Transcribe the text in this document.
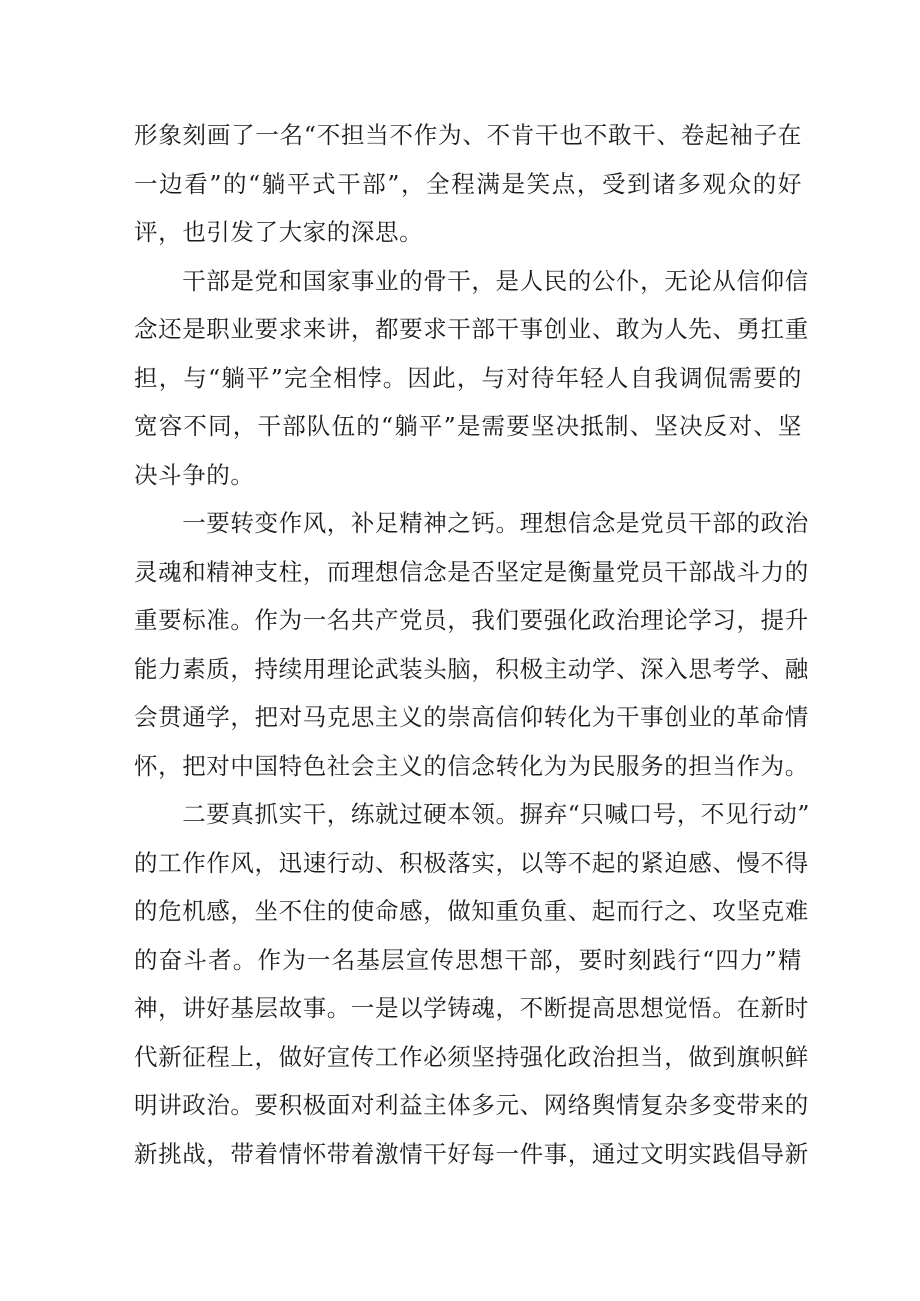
形象刻画了一名“不担当不作为、不肯干也不敢干、卷起袖子在
一边看”的“躺平式干部”，全程满是笑点，受到诸多观众的好
评，也引发了大家的深思。
　　干部是党和国家事业的骨干，是人民的公仆，无论从信仰信
念还是职业要求来讲，都要求干部干事创业、敢为人先、勇扛重
担，与“躺平”完全相悖。因此，与对待年轻人自我调侃需要的
宽容不同，干部队伍的“躺平”是需要坚决抵制、坚决反对、坚
决斗争的。
　　一要转变作风，补足精神之钙。理想信念是党员干部的政治
灵魂和精神支柱，而理想信念是否坚定是衡量党员干部战斗力的
重要标准。作为一名共产党员，我们要强化政治理论学习，提升
能力素质，持续用理论武装头脑，积极主动学、深入思考学、融
会贯通学，把对马克思主义的崇高信仰转化为干事创业的革命情
怀，把对中国特色社会主义的信念转化为为民服务的担当作为。
　　二要真抓实干，练就过硬本领。摒弃“只喊口号，不见行动”
的工作作风，迅速行动、积极落实，以等不起的紧迫感、慢不得
的危机感，坐不住的使命感，做知重负重、起而行之、攻坚克难
的奋斗者。作为一名基层宣传思想干部，要时刻践行“四力”精
神，讲好基层故事。一是以学铸魂，不断提高思想觉悟。在新时
代新征程上，做好宣传工作必须坚持强化政治担当，做到旗帜鲜
明讲政治。要积极面对利益主体多元、网络舆情复杂多变带来的
新挑战，带着情怀带着激情干好每一件事，通过文明实践倡导新
